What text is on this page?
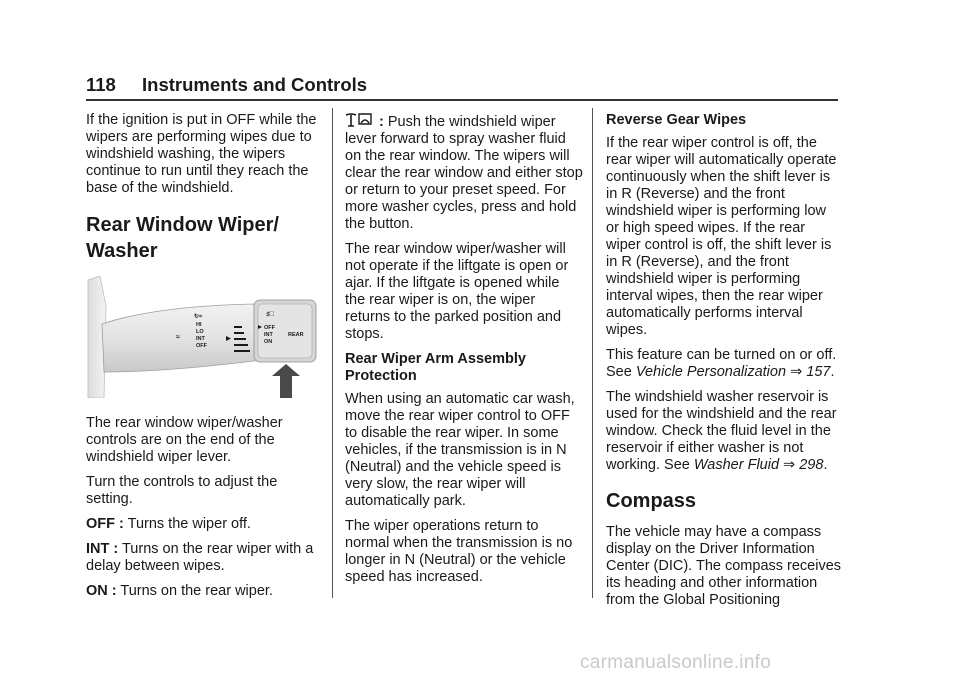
118 Instruments and Controls

If the ignition is put in OFF while the wipers are performing wipes due to windshield washing, the wipers continue to run until they reach the base of the windshield.

Rear Window Wiper/
Washer
↻≈
≈
HI
LO
INT
OFF
♯□
OFF
INT
ON
REAR

The rear window wiper/washer controls are on the end of the windshield wiper lever.

Turn the controls to adjust the setting.

OFF : Turns the wiper off.

INT : Turns on the rear wiper with a delay between wipes.

ON : Turns on the rear wiper.

: Push the windshield wiper lever forward to spray washer fluid on the rear window. The wipers will clear the rear window and either stop or return to your preset speed. For more washer cycles, press and hold the button.

The rear window wiper/washer will not operate if the liftgate is open or ajar. If the liftgate is opened while the rear wiper is on, the wiper returns to the parked position and stops.

Rear Wiper Arm Assembly Protection

When using an automatic car wash, move the rear wiper control to OFF to disable the rear wiper. In some vehicles, if the transmission is in N (Neutral) and the vehicle speed is very slow, the rear wiper will automatically park.

The wiper operations return to normal when the transmission is no longer in N (Neutral) or the vehicle speed has increased.

Reverse Gear Wipes

If the rear wiper control is off, the rear wiper will automatically operate continuously when the shift lever is in R (Reverse) and the front windshield wiper is performing low or high speed wipes. If the rear wiper control is off, the shift lever is in R (Reverse), and the front windshield wiper is performing interval wipes, then the rear wiper automatically performs interval wipes.

This feature can be turned on or off. See Vehicle Personalization ⇒ 157.

The windshield washer reservoir is used for the windshield and the rear window. Check the fluid level in the reservoir if either washer is not working. See Washer Fluid ⇒ 298.

Compass

The vehicle may have a compass display on the Driver Information Center (DIC). The compass receives its heading and other information from the Global Positioning

carmanualsonline.info
